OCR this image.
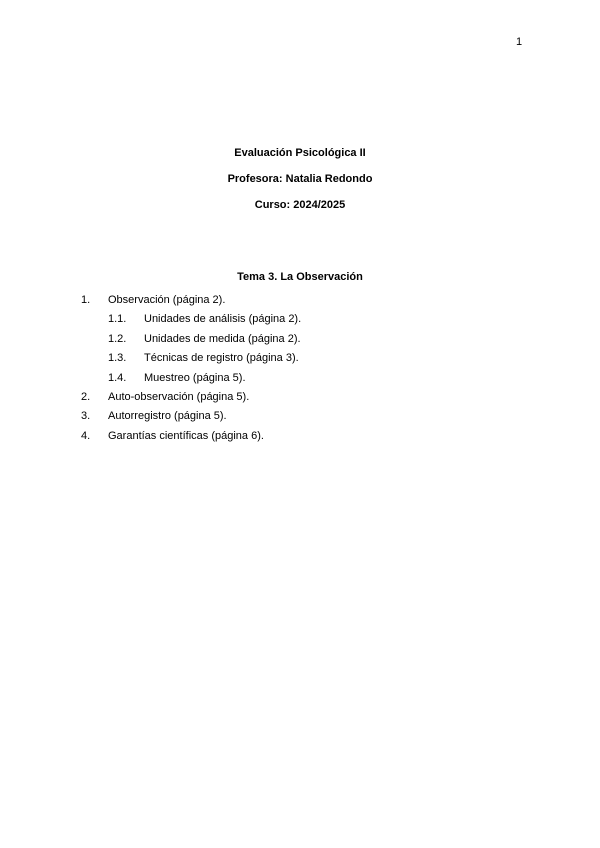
1
Evaluación Psicológica II
Profesora: Natalia Redondo
Curso: 2024/2025
Tema 3. La Observación
1. Observación (página 2).
1.1. Unidades de análisis (página 2).
1.2. Unidades de medida (página 2).
1.3. Técnicas de registro (página 3).
1.4. Muestreo (página 5).
2. Auto-observación (página 5).
3. Autorregistro (página 5).
4. Garantías científicas (página 6).
